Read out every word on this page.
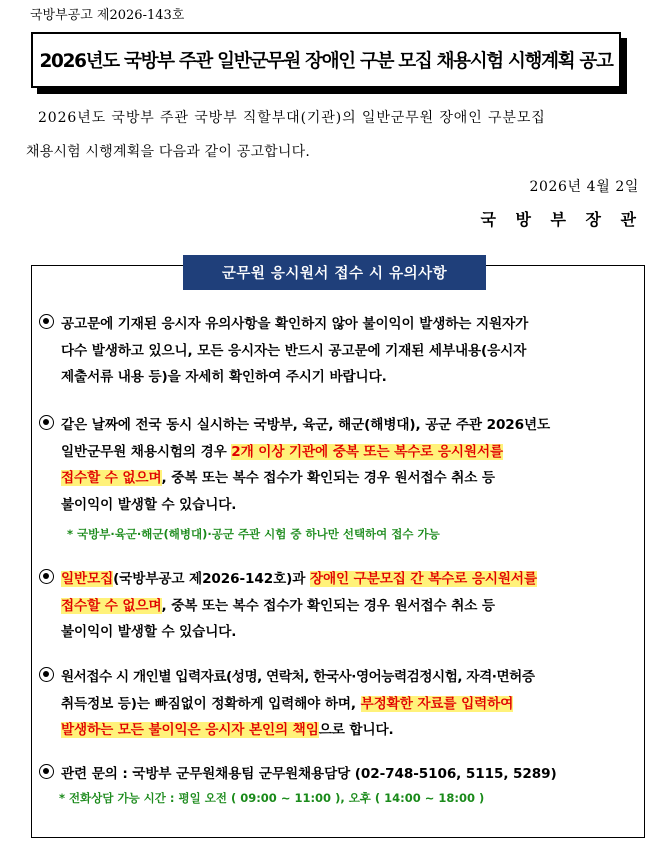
국방부공고 제2026-143호
2026년도 국방부 주관 일반군무원 장애인 구분 모집 채용시험 시행계획 공고

2026년도 국방부 주관 국방부 직할부대(기관)의 일반군무원 장애인 구분모집

채용시험 시행계획을 다음과 같이 공고합니다.

2026년 4월 2일
국 방 부 장 관
군무원 응시원서 접수 시 유의사항
공고문에 기재된 응시자 유의사항을 확인하지 않아 불이익이 발생하는 지원자가
다수 발생하고 있으니, 모든 응시자는 반드시 공고문에 기재된 세부내용(응시자
제출서류 내용 등)을 자세히 확인하여 주시기 바랍니다.
같은 날짜에 전국 동시 실시하는 국방부, 육군, 해군(해병대), 공군 주관 2026년도
일반군무원 채용시험의 경우 2개 이상 기관에 중복 또는 복수로 응시원서를
접수할 수 없으며, 중복 또는 복수 접수가 확인되는 경우 원서접수 취소 등
불이익이 발생할 수 있습니다.
* 국방부·육군·해군(해병대)·공군 주관 시험 중 하나만 선택하여 접수 가능
일반모집(국방부공고 제2026-142호)과 장애인 구분모집 간 복수로 응시원서를
접수할 수 없으며, 중복 또는 복수 접수가 확인되는 경우 원서접수 취소 등
불이익이 발생할 수 있습니다.
원서접수 시 개인별 입력자료(성명, 연락처, 한국사·영어능력검정시험, 자격·면허증
취득정보 등)는 빠짐없이 정확하게 입력해야 하며, 부정확한 자료를 입력하여
발생하는 모든 불이익은 응시자 본인의 책임으로 합니다.
관련 문의 : 국방부 군무원채용팀 군무원채용담당 (02-748-5106, 5115, 5289)
* 전화상담 가능 시간 : 평일 오전 ( 09:00 ~ 11:00 ), 오후 ( 14:00 ~ 18:00 )
